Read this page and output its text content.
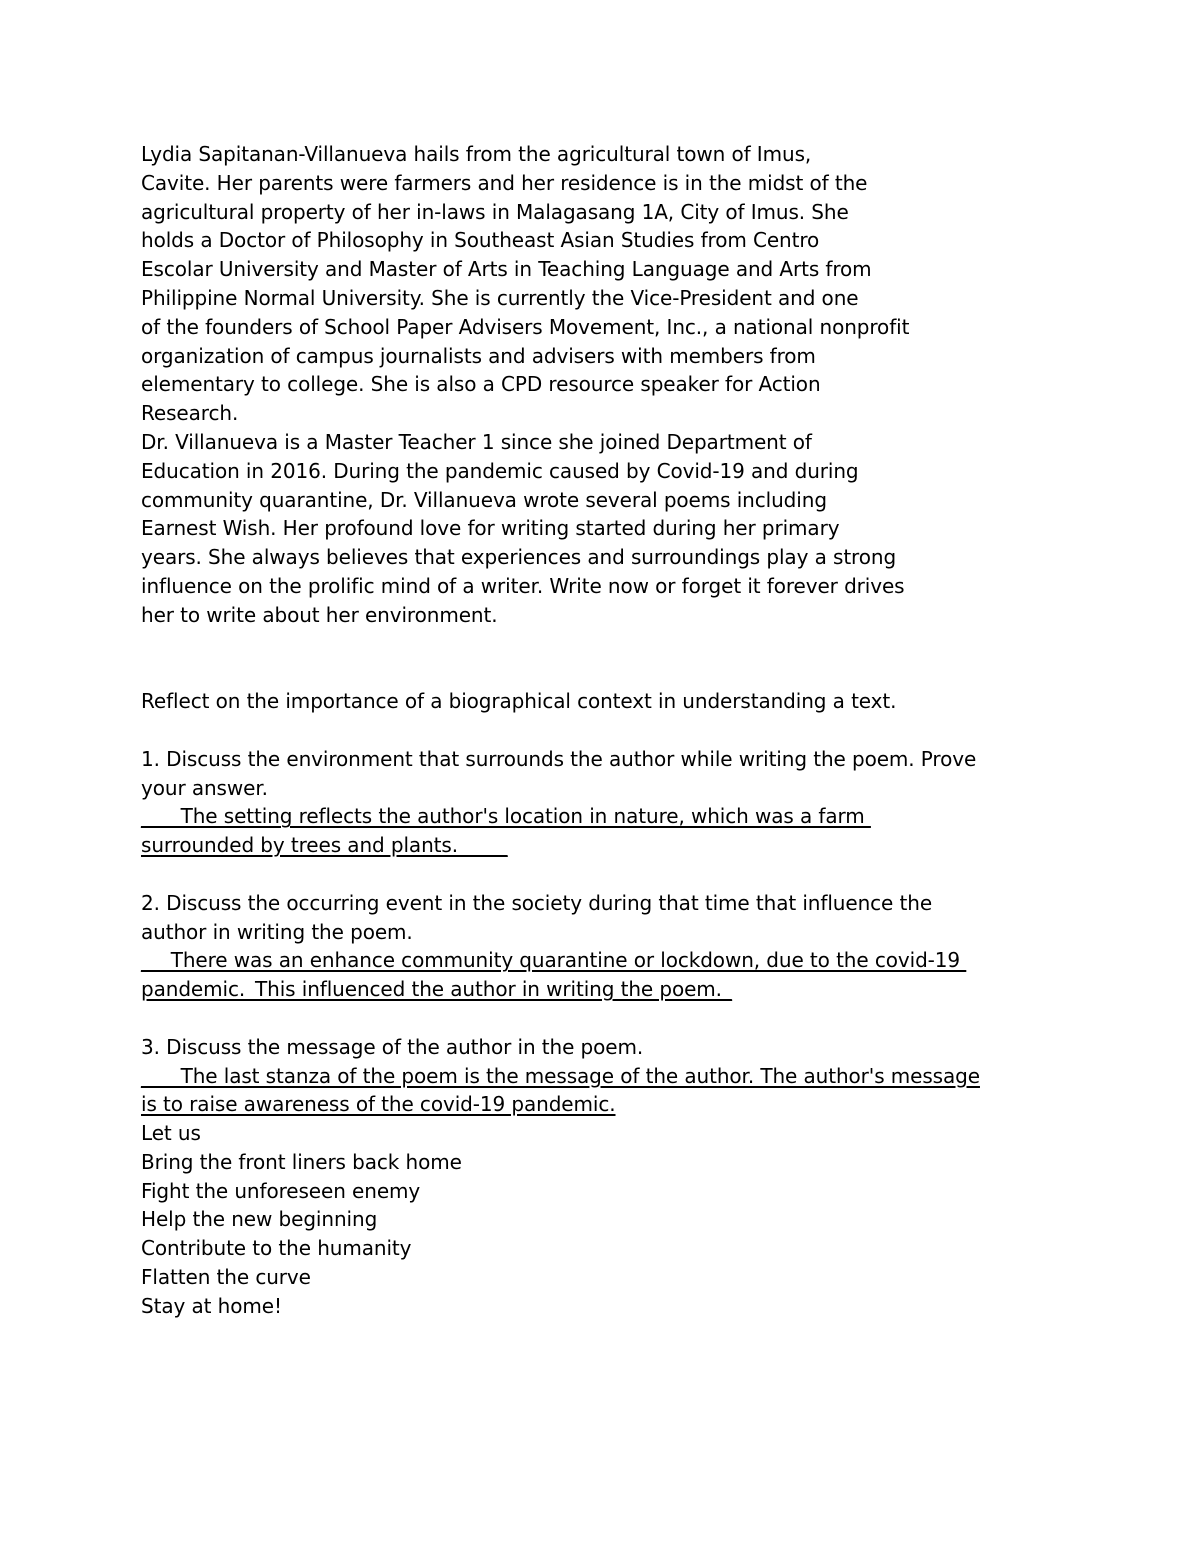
Lydia Sapitanan-Villanueva hails from the agricultural town of Imus,
Cavite. Her parents were farmers and her residence is in the midst of the
agricultural property of her in-laws in Malagasang 1A, City of Imus. She
holds a Doctor of Philosophy in Southeast Asian Studies from Centro
Escolar University and Master of Arts in Teaching Language and Arts from
Philippine Normal University. She is currently the Vice-President and one
of the founders of School Paper Advisers Movement, Inc., a national nonprofit
organization of campus journalists and advisers with members from
elementary to college. She is also a CPD resource speaker for Action
Research.
Dr. Villanueva is a Master Teacher 1 since she joined Department of
Education in 2016. During the pandemic caused by Covid-19 and during
community quarantine, Dr. Villanueva wrote several poems including
Earnest Wish. Her profound love for writing started during her primary
years. She always believes that experiences and surroundings play a strong
influence on the prolific mind of a writer. Write now or forget it forever drives
her to write about her environment.
Reflect on the importance of a biographical context in understanding a text.
1. Discuss the environment that surrounds the author while writing the poem. Prove
your answer.
____The setting reflects the author's location in nature, which was a farm
surrounded by trees and plants._____
2. Discuss the occurring event in the society during that time that influence the
author in writing the poem.
___There was an enhance community quarantine or lockdown, due to the covid-19
pandemic._This influenced the author in writing the poem._
3. Discuss the message of the author in the poem.
____The last stanza of the poem is the message of the author. The author's message
is to raise awareness of the covid-19 pandemic.
Let us
Bring the front liners back home
Fight the unforeseen enemy
Help the new beginning
Contribute to the humanity
Flatten the curve
Stay at home!
